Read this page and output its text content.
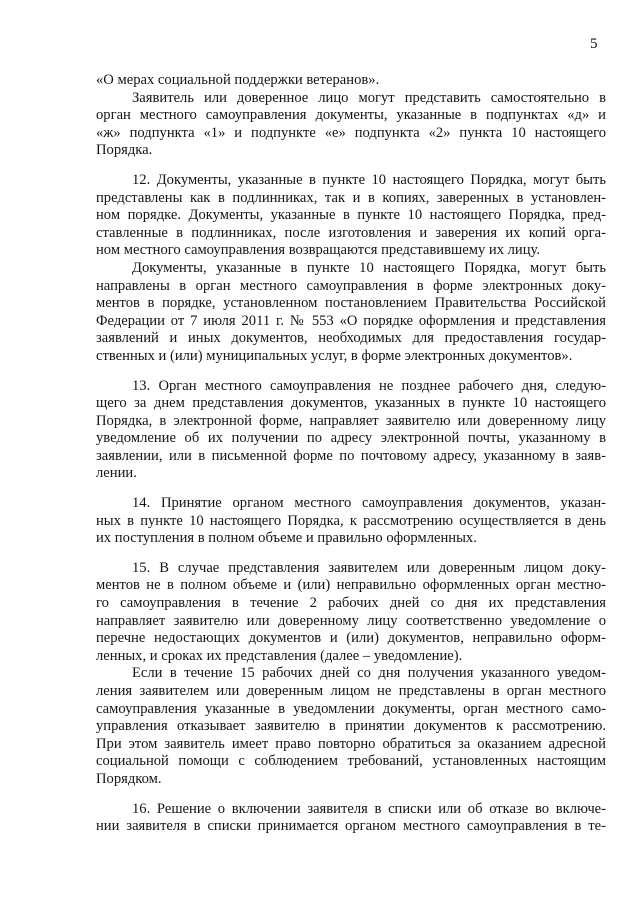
5
«О мерах социальной поддержки ветеранов».
Заявитель или доверенное лицо могут представить самостоятельно в
орган местного самоуправления документы, указанные в подпунктах «д» и
«ж» подпункта «1» и подпункте «е» подпункта «2» пункта 10 настоящего
Порядка.
12. Документы, указанные в пункте 10 настоящего Порядка, могут быть
представлены как в подлинниках, так и в копиях, заверенных в установлен-
ном порядке. Документы, указанные в пункте 10 настоящего Порядка, пред-
ставленные в подлинниках, после изготовления и заверения их копий орга-
ном местного самоуправления возвращаются представившему их лицу.
Документы, указанные в пункте 10 настоящего Порядка, могут быть
направлены в орган местного самоуправления в форме электронных доку-
ментов в порядке, установленном постановлением Правительства Российской
Федерации от 7 июля 2011 г. № 553 «О порядке оформления и представления
заявлений и иных документов, необходимых для предоставления государ-
ственных и (или) муниципальных услуг, в форме электронных документов».
13. Орган местного самоуправления не позднее рабочего дня, следую-
щего за днем представления документов, указанных в пункте 10 настоящего
Порядка, в электронной форме, направляет заявителю или доверенному лицу
уведомление об их получении по адресу электронной почты, указанному в
заявлении, или в письменной форме по почтовому адресу, указанному в заяв-
лении.
14. Принятие органом местного самоуправления документов, указан-
ных в пункте 10 настоящего Порядка, к рассмотрению осуществляется в день
их поступления в полном объеме и правильно оформленных.
15. В случае представления заявителем или доверенным лицом доку-
ментов не в полном объеме и (или) неправильно оформленных орган местно-
го самоуправления в течение 2 рабочих дней со дня их представления
направляет заявителю или доверенному лицу соответственно уведомление о
перечне недостающих документов и (или) документов, неправильно оформ-
ленных, и сроках их представления (далее – уведомление).
Если в течение 15 рабочих дней со дня получения указанного уведом-
ления заявителем или доверенным лицом не представлены в орган местного
самоуправления указанные в уведомлении документы, орган местного само-
управления отказывает заявителю в принятии документов к рассмотрению.
При этом заявитель имеет право повторно обратиться за оказанием адресной
социальной помощи с соблюдением требований, установленных настоящим
Порядком.
16. Решение о включении заявителя в списки или об отказе во включе-
нии заявителя в списки принимается органом местного самоуправления в те-
